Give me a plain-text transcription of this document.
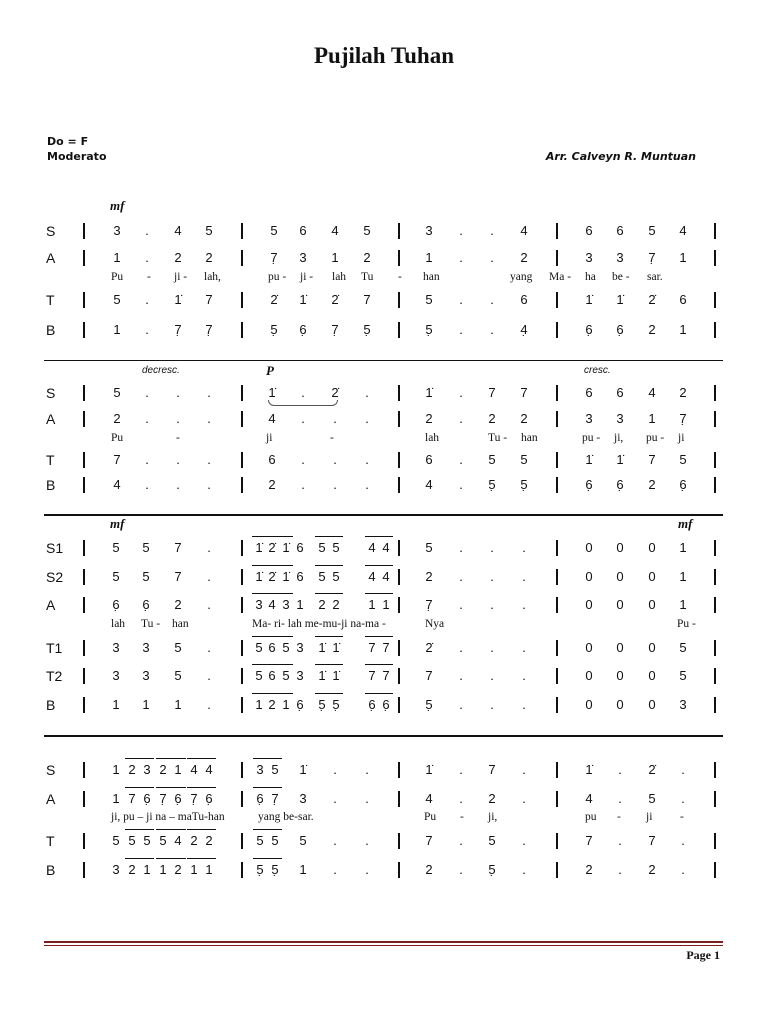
Pujilah Tuhan
Do = F
Moderato	Arr. Calveyn R. Muntuan
mf
S	3	.	4	5	5	6	4	5	3	.	.	4	6	6	5	4
A	1	.	2	2	7̣	3	1	2	1	.	.	2	3	3	7̣	1
Pu - ji - lah,	pu - ji - lah Tu - han	yang Ma - ha be - sar.
T	5	.	1̇	7	2̇	1̇	2̇	7	5	.	.	6	1̇	1̇	2̇	6
B	1	.	7̣	7̣	5̣	6̣	7̣	5̣	5̣	.	.	4̣	6̣	6̣	2	1
P
decresc.	cresc.
S	5	.	.	.	1̇	.	2̇	.	1̇	.	7	7	6	6	4	2
A	2	.	.	.	4	.	.	.	2	.	2	2	3	3	1	7̣
Pu	-	ji	-	lah	Tu - han	pu - ji, pu - ji
T	7	.	.	.	6	.	.	.	6	.	5	5	1̇	1̇	7	5
B	4	.	.	.	2	.	.	.	4	.	5̣	5̣	6̣	6̣	2	6̣
mf	mf
S1	5	5	7	.	1̇ 2̇ 1̇ 6	5 5	4 4	5	.	.	.	0	0	0	1
S2	5	5	7	.	1̇ 2̇ 1̇ 6	5 5	4 4	2	.	.	.	0	0	0	1
A	6̣	6̣	2	.	3 4 3 1	2 2	1 1	7̣	.	.	.	0	0	0	1
lah Tu - han	Ma- ri- lah me-mu-ji na-ma -	Nya	Pu -
T1	3	3	5	.	5 6 5 3	1̇ 1̇	7 7	2̇	.	.	.	0	0	0	5
T2	3	3	5	.	5 6 5 3	1̇ 1̇	7 7	7	.	.	.	0	0	0	5
B	1	1	1	.	1 2 1 6̣	5̣ 5̣	6̣ 6̣	5̣	.	.	.	0	0	0	3
S	1 2 3 2 1 4 4	3 5	1̇	.	.	1̇	.	7	.	1̇	.	2̇	.
A	1 7 6̣ 7̣ 6̣ 7̣ 6̣	6̣ 7̣	3	.	.	4	.	2	.	4	.	5	.
ji, pu – ji na – maTu-han	yang be- sar.	Pu - ji,	pu - ji -
T	5 5 5 5 4 2 2	5 5	5	.	.	7	.	5	.	7	.	7	.
B	3 2 1 1 2 1 1	5̣ 5̣	1	.	.	2	.	5̣	.	2	.	2	.
Page 1
